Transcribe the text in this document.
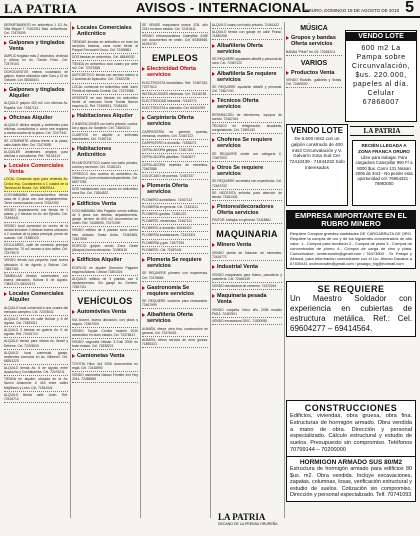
LA PATRIA	AVISOS - INTERNACIONAL
ORURO, DOMINGO 19 DE AGOSTO DE 2018 5
DEPARTAMENTO en anticrético 1 1/2 Av. Villa Miguel T 71811911 Mas. anticréticos. Cel. 72475009
Galpones y tinglados Venta
AMPLIO tinglado más 2 depósitos, vivienda y oficina en Av. Tomás Frías. Cel. 72479103
OCHOCIENTOS metros cuadrados de galpón, buena ubicación calle Caro y 12 de Octubre. Cel. 68363401
Galpones y tinglados Alquiler
ALQUILO galpón 400 m2 con oficinas Av. España. Cel. 72467114
Oficinas Alquiler
ALQUILO oficina amplia y ambientes para oficinas, consultorios o como sea requiera a media cuadra de la plaza. Cel. 72477441
SE COMPARTE oficina frente a la plaza, calle Adolfo Mier. Cel. 72479090
ALQUILER ambientes amplios para oficinas o consultorios. Ref. 76131314
Locales Comerciales Venta
LOCAL Comercial apto para vivienda Av. Cívica esq. Cochabamba a 1 cuadra de la Terminal de Buses. Cel. 60699014
COCHABAMBA vendo/anticretico tienda casa de 3 pisos con dos departamentos. Tener comunicación con el 72342390
VENDO departamento con tienda de 1 planta, y 2 tiendas en Av. del Ejército. Cel. 71849441
VENDO local comercial en centro de la ciudad inclusive 3 oficinas buena ubicación a 2 cuadras de la plaza principal, precio de ocasión. Cel. 71888123
CELULARES, calle de comercio principal Ayacucho. 70 m2 acceso a dos calles. Cel. 72479970
VENDO tienda con pequeño local buena ubicación 6 de Agosto y Bolívar. Cel. 73847181
TAMBILLAS tiendas comerciales con buena ubicación, Bolívar 6 de Agosto. 73823174, 68322474
Locales Comerciales Alquiler
ALQUILO local comercial a una cuadra del mercado campero. Cel. 72478041
ALQUILO tienda en calle Bolívar y 6 de Agosto. Cel. 71853311
ALQUILO 3 tiendas en galería Av. 6 de Agosto. Ref. 72416710
ALQUILO tienda para oficina Av. Brasil y Dehene. Cel. 72478000
ALQUILO local comercial, garaje, ambientes cómodos en Av. Villarroel. Cel. 68391223
ALQUILO tienda Av. 6 de Agosto entre Ayacucho y Cochabamba. Cel. 72476211
TIENDA en alquiler, ubicada en la Av. Nuevo Amanecer # 418 entre calles Mejillones y León. Cel. 71841541
ALQUILO tienda calle Junín. Ref. 72416710
Locales Comerciales Anticrético
TIENDAS tiendas en anticrético en todo los servicios básicos, zona norte frente al Parque Ferrocarril Oruro. Cel. 72458561
DOS tiendas en anticrético. Cel. 68549032
TIENDA en anticrético sólo cuatro por siete m2. Cel. 72473388
ANTICRETICO tienda con servicio básico a 2 cuadras de Ayacucho. Cel. 72462235
LOCAL comercial en anticrético calle Junín Frente al mercado Central. Cel. 72473988
URGENTE se dan tiendas en anticrético frente al mercado Norte Tomás Barrón esquina 11. Ref. 72469874, 72454331
Habitaciones Alquiler
2 HABITACIONES con baño privado, cocina, luz y agua, Av. Sanjinéz, Cel. 73840214
CUARTOS en alquiler a señoritas estudiantes. Cel. 72467111
Habitaciones Anticrético
EN ANTICRETICO cuarto con baño privado, cocina y servicios. Cel. 72481221
OFREZCO dos cuartos en anticrético Av. Villarroel y Junín entrada independiente. Cel. 68377281
DOS habitaciones con cocina en anticrético zona Sur. Cel. 71864522
Edificios Venta
COCHABAMBA Villa Pagador vendo edificio de 4 pisos con tiendas, departamentos, garaje, terreno de 800 m2 documentos en orden. Ref. 74425000, 72471000
VENDO edificio de 4 plantas zona centro bien ubicado Santa Anita. 72481805, 72467898
EDIFICIO galpón vendo Zona Oeste (Atrapos) buena ubicación. 72480416
Edificios Alquiler
EDIFICIO en alquiler Dirección Pagador esquina Aldana. Celular 71851024
ALQUILO edificio de 3 plantas con 6 departamentos. Sin garaje Av. Dehene. 72467111
VEHÍCULOS
Automóviles Venta
KIA Accent, buena ubicación, con placa y seguro. 72467003
VENDO Toyota Corolla modelo 2010 automático en buen estado. Cel. 72478421
VENDO vagoneta Nissan X-Trail 2005 en buen estado. Cel. 71838221
Camionetas Venta
TOYOTA Hilux 4x4 2006 documentos en regla. Cel. 72418990
VENDO camioneta Nissan Frontier 4x4 Hoy 2014. 72458558
SE VENDE maquinaria marca JCB, año 2011 en buen estado. Cel. 72413411
VENDO retroexcavadora Caterpillar 416E con documentos en orden. Cel. 60355948, 61194740
EMPLEOS
Electricidad Oferta servicios
ELECTRICISTA domiciliario. Ref. 72467333, 72377612
INSTALACIONES eléctricas. Cel. 70418765
ELECTRICIDAD industrial. 72418771
ELECTRICISTA a domicilio. Cel. 60421099
Carpintería Oferta servicios
CARPINTERÍA en general, puertas, ventanas, muebles. Cel. 72467122
CARPINTERO a domicilio. 71838271
CEPILLADORA garlopa. 72467451
CEPILLADORA plantillas. 72463677
CEPILLADORA muebles de melamina. 72467888
COLOCADO de puertas. 72467337
Plomería Oferta servicios
PLOMERO domiciliario. 72467112
PLOMERÍA en general. Cel. 71831111
PLOMERO gasista. 72481222
PLOMERO, electricista. 72467111
PLOMERO a domicilio. 60435422
PLOMERÍA instalaciones. 72423301
PLOMERÍA y gas. 71877334
PLOMERO. Cel. 72467441
Plomería Se requiere servicios
SE REQUIERE plomero con experiencia. Cel. 72478884
Gastronomía Se requiere servicios
SE REQUIERE cocinera para restaurante. 72467999
Albañilería Oferta servicios
ALBAÑIL ofrece obra fina, construcción en general. Cel. 72476433
ALBAÑIL ofrece servicio de obra gruesa. 71855323
ALQUILO cuarto con baño privado. 72461422
ALQUILO tienda con garaje en calle Potosí. 71840098
Albañilería Oferta servicios
SE REQUIERE ayudantes albañil y personal de obra. Cel. 72467122
Albañilería Se requiere servicios
SE REQUIERE ayudante albañil y personal. Cel. 72467100
Técnicos Oferta servicios
REPARACIÓN de televisores, equipos de sonido. 72467444
TÉCNICO en refrigeración, lavadoras, congeladoras. Cel. 71851242
Choferes Se requiere servicios
SE REQUIERE chofer con categoría C. 72467003
Otros Se requiere servicios
SE REQUIERE secretaria con experiencia. Cel. 72467233
SE NECESITA señorita para atención de tienda. 72461432
Pintores/decoradores Oferta servicios
PINTOR, trabajos en general. 72418861
MAQUINARIA
Minero Venta
VENDO planta de flotación de minerales. 72416771
Industrial Venta
VENDO maquinaria para fideos, panadería y pastelería. Cel. 72464339
VENDO mezcladora de cemento. 72470244
Maquinaria pesada Venta
VENDO volqueta Volvo año 2008 modelo FM12. 72467901
VENDO excavadora 320C. 71830055
MÚSICA
Grupos y bandas Oferta servicios
BANDA "Pride" tm. 05. 72428214
VARIOS
Productos Venta
VENDO Rodolfo, gallineta y fichas. Cel. 72469200
VENDO LOTE
600 m2 La Pampa sobre Circunvalación, $us. 220.000, papeles al día. Celular 67868007
LA PATRIA
VENDO LOTE
De 6.500 mts2 con un galpón construido de 400 mts2 Circunvalación y V. Galvarro zona Sud Cel. 72410439 - 71844232 Solo interesados
RECIÉN LLEGADA A ZONA FRANCA ORURO
Libre para trabajar. Para cargadora Caterpillar 950 F/ a 8000 $us. Carro 131 Nissan 2006 de 3m3 - No perder esta oportunidad cel. 76964321 - 76983000
EMPRESA IMPORTANTE EN EL RUBRO MINERO
Requiere Comprar grandes cantidades DE CARGABRUTA DE ORO. Requiere la compra de oro y de los siguientes concentrados de alto valor: 1.- Compra para fundición 2.- Compra de plata 3.- Compra de concentrados de plomo 4.- Compra de carga de zinc y plata. Comunicarse: ovoteurowlin@gmail.com / 76473800 - Sr. Pasqui y Alianza, para información comunicarse con el Lic. Alonso Dávalos a 67430441 ovoteurowlin@gmail.com / jwoalgo_ing@hotmail.com
SE REQUIERE
Un Maestro Soldador con experiencia en cubiertas de estructura metálica. Ref.: Cel. 69604277 – 69414564.
CONSTRUCCIONES
Edificios, viviendas, obra gruesa, obra fina. Estructuras de hormigón armado. Obra vendida a mano de obra. Dirección y personal especializado. Cálculo estructural y estudio de suelos. Presupuesto sin compromiso. Teléfonos 70799144 – 70200000
HORMIGON ARMADO SUS 80/M2
Estructura de hormigón armado para edificios 80 $us. m2. Obra vendida. Incluye excavaciones, zapatas, columnas, losas, verificación estructural y estudio de suelos. Cotización sin compromiso. Dirección y personal especializado. Telf. 70741093
LA PATRIA
DECANO DE LA PRENSA ORUREÑA
